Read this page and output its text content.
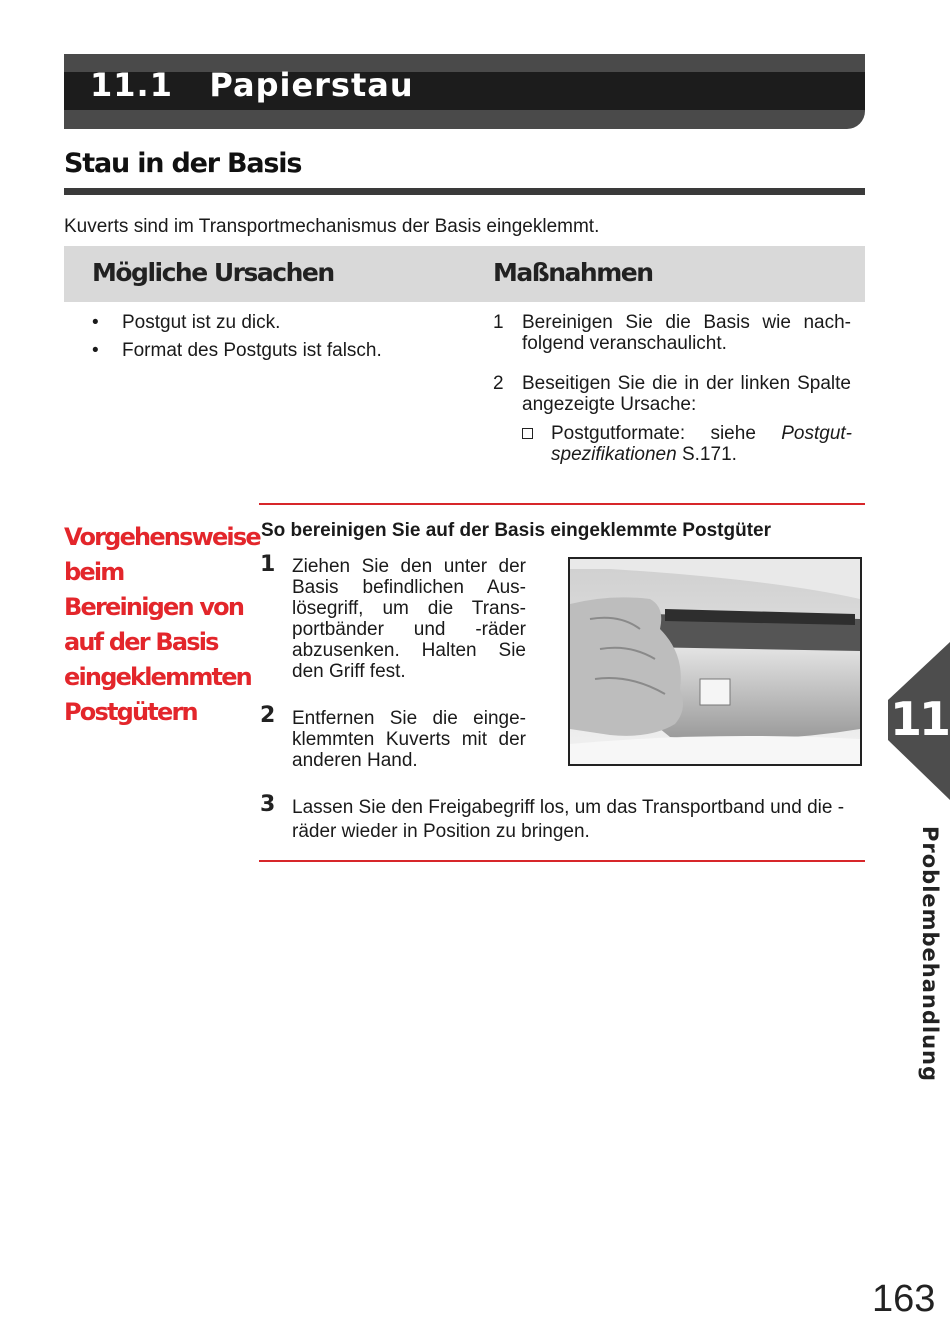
11.1   Papierstau
Stau in der Basis
Kuverts sind im Transportmechanismus der Basis eingeklemmt.
Mögliche Ursachen	Maßnahmen
• Postgut ist zu dick.
• Format des Postguts ist falsch.
1 Bereinigen Sie die Basis wie nach-folgend veranschaulicht.
2 Beseitigen Sie die in der linken Spalte angezeigte Ursache:
Postgutformate: siehe Postgut-spezifikationen S.171.
Vorgehensweise beim Bereinigen von auf der Basis eingeklemmten Postgütern
So bereinigen Sie auf der Basis eingeklemmte Postgüter
1 Ziehen Sie den unter der Basis befindlichen Aus-lösegriff, um die Trans-portbänder und -räder abzusenken. Halten Sie den Griff fest.
2 Entfernen Sie die einge-klemmten Kuverts mit der anderen Hand.
3 Lassen Sie den Freigabegriff los, um das Transportband und die -räder wieder in Position zu bringen.
11
Problembehandlung
163
